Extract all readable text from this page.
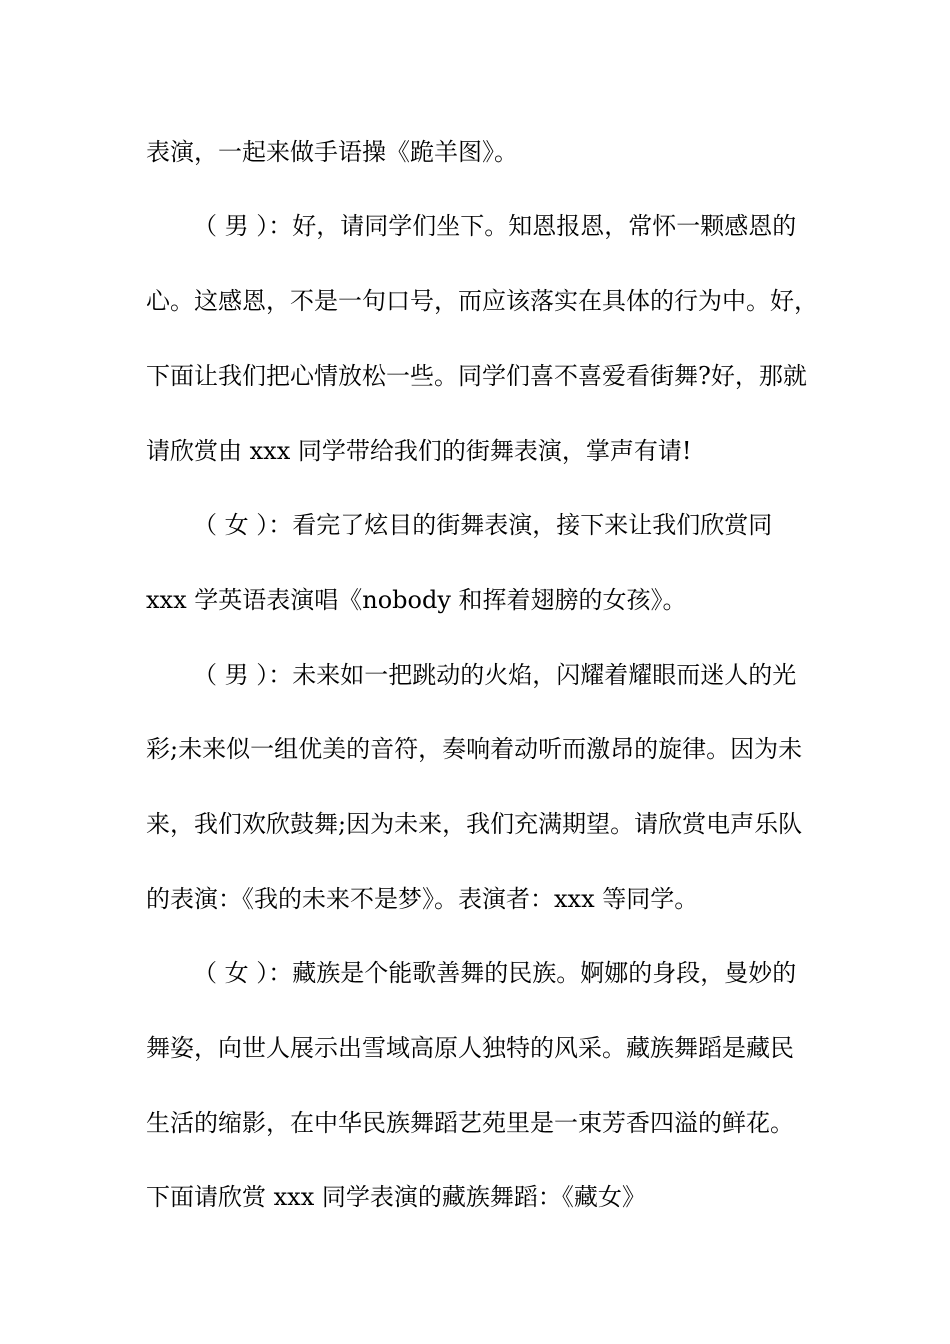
表演，一起来做手语操《跪羊图》。

（ 男 ）：好，请同学们坐下。知恩报恩，常怀一颗感恩的

心。这感恩，不是一句口号，而应该落实在具体的行为中。好，

下面让我们把心情放松一些。同学们喜不喜爱看街舞?好，那就

请欣赏由 xxx 同学带给我们的街舞表演，掌声有请!

（ 女 ）：看完了炫目的街舞表演，接下来让我们欣赏同

xxx 学英语表演唱《nobody 和挥着翅膀的女孩》。

（ 男 ）：未来如一把跳动的火焰，闪耀着耀眼而迷人的光

彩;未来似一组优美的音符，奏响着动听而激昂的旋律。因为未

来，我们欢欣鼓舞;因为未来，我们充满期望。请欣赏电声乐队

的表演：《我的未来不是梦》。表演者：xxx 等同学。

（ 女 ）：藏族是个能歌善舞的民族。婀娜的身段，曼妙的

舞姿，向世人展示出雪域高原人独特的风采。藏族舞蹈是藏民

生活的缩影，在中华民族舞蹈艺苑里是一束芳香四溢的鲜花。

下面请欣赏 xxx 同学表演的藏族舞蹈：《藏女》
